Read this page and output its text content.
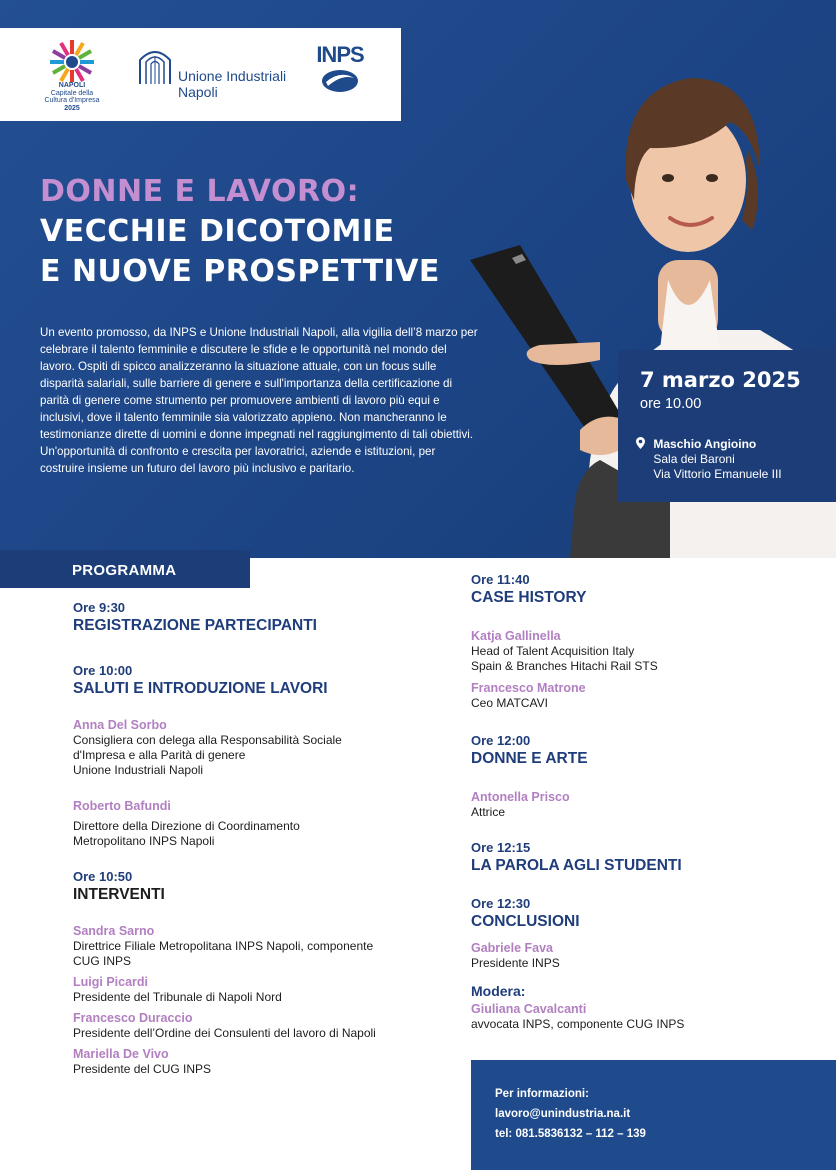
NAPOLI
Capitale della
Cultura d'Impresa
2025
Unione Industriali
Napoli
INPS
DONNE E LAVORO:
VECCHIE DICOTOMIE
E NUOVE PROSPETTIVE
Un evento promosso, da INPS e Unione Industriali Napoli, alla vigilia dell’8 marzo per celebrare il talento femminile e discutere le sfide e le opportunità nel mondo del lavoro. Ospiti di spicco analizzeranno la situazione attuale, con un focus sulle disparità salariali, sulle barriere di genere e sull'importanza della certificazione di parità di genere come strumento per promuovere ambienti di lavoro più equi e inclusivi, dove il talento femminile sia valorizzato appieno. Non mancheranno le testimonianze dirette di uomini e donne impegnati nel raggiungimento di tali obiettivi. Un'opportunità di confronto e crescita per lavoratrici, aziende e istituzioni, per costruire insieme un futuro del lavoro più inclusivo e paritario.
7 marzo 2025
ore 10.00

Maschio Angioino
Sala dei Baroni
Via Vittorio Emanuele III
PROGRAMMA
Ore 9:30
REGISTRAZIONE PARTECIPANTI
Ore 10:00
SALUTI E INTRODUZIONE LAVORI
Anna Del Sorbo
Consigliera con delega alla Responsabilità Sociale
d'Impresa e alla Parità di genere
Unione Industriali Napoli
Roberto Bafundi
Direttore della Direzione di Coordinamento
Metropolitano INPS Napoli
Ore 10:50
INTERVENTI
Sandra Sarno
Direttrice Filiale Metropolitana INPS Napoli, componente
CUG INPS
Luigi Picardi
Presidente del Tribunale di Napoli Nord
Francesco Duraccio
Presidente dell’Ordine dei Consulenti del lavoro di Napoli
Mariella De Vivo
Presidente del CUG INPS
Ore 11:40
CASE HISTORY
Katja Gallinella
Head of Talent Acquisition Italy
Spain & Branches Hitachi Rail STS
Francesco Matrone
Ceo MATCAVI
Ore 12:00
DONNE E ARTE
Antonella Prisco
Attrice
Ore 12:15
LA PAROLA AGLI STUDENTI
Ore 12:30
CONCLUSIONI
Gabriele Fava
Presidente INPS
Modera:
Giuliana Cavalcanti
avvocata INPS, componente CUG INPS
Per informazioni:
lavoro@unindustria.na.it
tel: 081.5836132 – 112 – 139
